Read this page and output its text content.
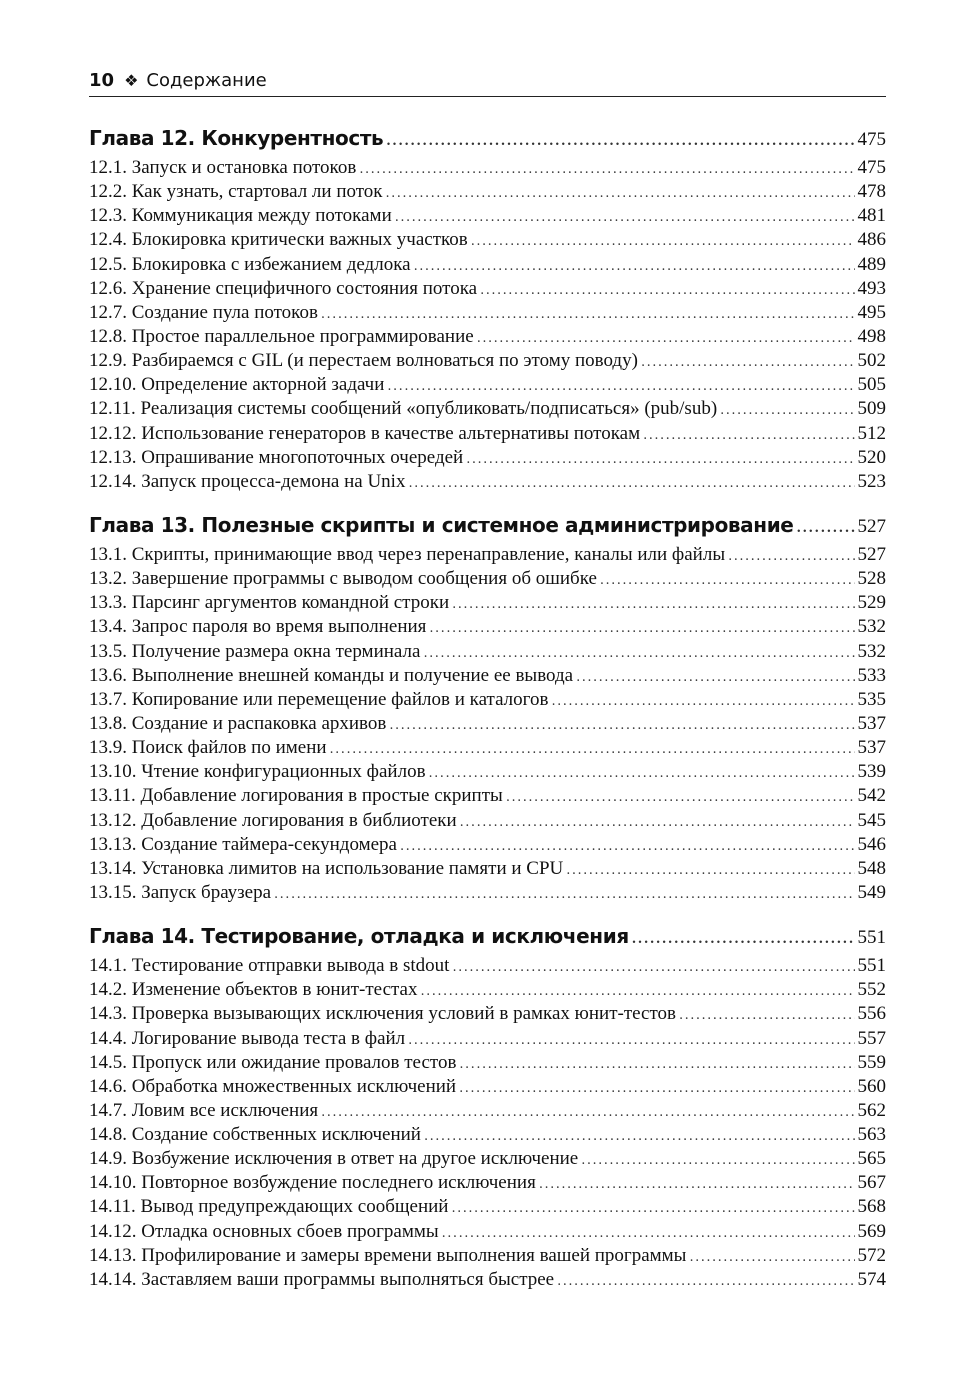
10 ❖ Содержание
Глава 12. Конкурентность .....	475
12.1. Запуск и остановка потоков .....	475
12.2. Как узнать, стартовал ли поток .....	478
12.3. Коммуникация между потоками .....	481
12.4. Блокировка критически важных участков .....	486
12.5. Блокировка с избежанием дедлока .....	489
12.6. Хранение специфичного состояния потока .....	493
12.7. Создание пула потоков .....	495
12.8. Простое параллельное программирование .....	498
12.9. Разбираемся с GIL (и перестаем волноваться по этому поводу) .....	502
12.10. Определение акторной задачи .....	505
12.11. Реализация системы сообщений «опубликовать/подписаться» (pub/sub) .....	509
12.12. Использование генераторов в качестве альтернативы потокам .....	512
12.13. Опрашивание многопоточных очередей .....	520
12.14. Запуск процесса-демона на Unix .....	523
Глава 13. Полезные скрипты и системное администрирование .....	527
13.1. Скрипты, принимающие ввод через перенаправление, каналы или файлы .....	527
13.2. Завершение программы с выводом сообщения об ошибке .....	528
13.3. Парсинг аргументов командной строки .....	529
13.4. Запрос пароля во время выполнения .....	532
13.5. Получение размера окна терминала .....	532
13.6. Выполнение внешней команды и получение ее вывода .....	533
13.7. Копирование или перемещение файлов и каталогов .....	535
13.8. Создание и распаковка архивов .....	537
13.9. Поиск файлов по имени .....	537
13.10. Чтение конфигурационных файлов .....	539
13.11. Добавление логирования в простые скрипты .....	542
13.12. Добавление логирования в библиотеки .....	545
13.13. Создание таймера-секундомера .....	546
13.14. Установка лимитов на использование памяти и CPU .....	548
13.15. Запуск браузера .....	549
Глава 14. Тестирование, отладка и исключения .....	551
14.1. Тестирование отправки вывода в stdout .....	551
14.2. Изменение объектов в юнит-тестах .....	552
14.3. Проверка вызывающих исключения условий в рамках юнит-тестов .....	556
14.4. Логирование вывода теста в файл .....	557
14.5. Пропуск или ожидание провалов тестов .....	559
14.6. Обработка множественных исключений .....	560
14.7. Ловим все исключения .....	562
14.8. Создание собственных исключений .....	563
14.9. Возбужение исключения в ответ на другое исключение .....	565
14.10. Повторное возбуждение последнего исключения .....	567
14.11. Вывод предупреждающих сообщений .....	568
14.12. Отладка основных сбоев программы .....	569
14.13. Профилирование и замеры времени выполнения вашей программы .....	572
14.14. Заставляем ваши программы выполняться быстрее .....	574
